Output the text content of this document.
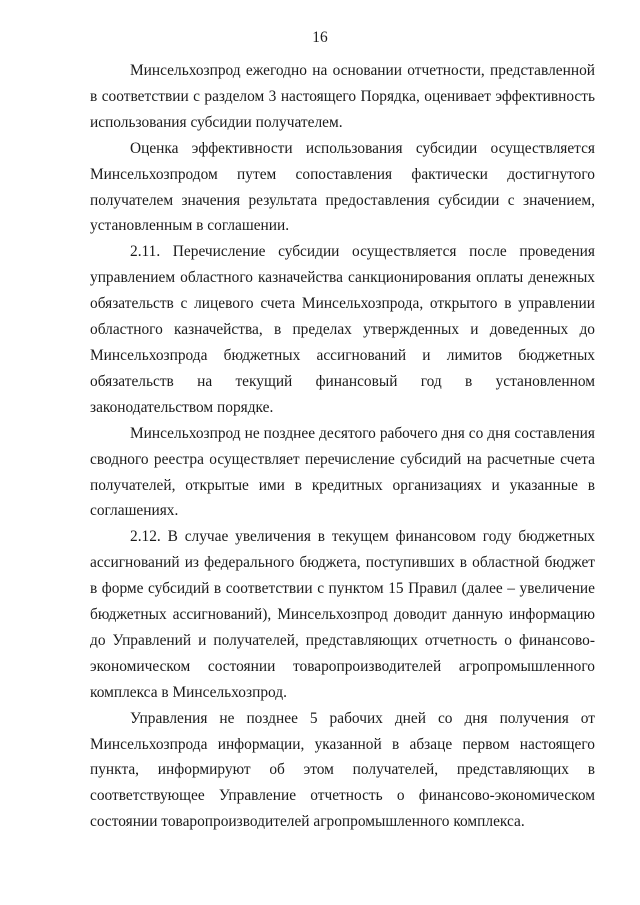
16

Минсельхозпрод ежегодно на основании отчетности, представленной в соответствии с разделом 3 настоящего Порядка, оценивает эффективность использования субсидии получателем.

Оценка эффективности использования субсидии осуществляется Минсельхозпродом путем сопоставления фактически достигнутого получателем значения результата предоставления субсидии с значением, установленным в соглашении.

2.11. Перечисление субсидии осуществляется после проведения управлением областного казначейства санкционирования оплаты денежных обязательств с лицевого счета Минсельхозпрода, открытого в управлении областного казначейства, в пределах утвержденных и доведенных до Минсельхозпрода бюджетных ассигнований и лимитов бюджетных обязательств на текущий финансовый год в установленном законодательством порядке.

Минсельхозпрод не позднее десятого рабочего дня со дня составления сводного реестра осуществляет перечисление субсидий на расчетные счета получателей, открытые ими в кредитных организациях и указанные в соглашениях.

2.12. В случае увеличения в текущем финансовом году бюджетных ассигнований из федерального бюджета, поступивших в областной бюджет в форме субсидий в соответствии с пунктом 15 Правил (далее – увеличение бюджетных ассигнований), Минсельхозпрод доводит данную информацию до Управлений и получателей, представляющих отчетность о финансово-экономическом состоянии товаропроизводителей агропромышленного комплекса в Минсельхозпрод.

Управления не позднее 5 рабочих дней со дня получения от Минсельхозпрода информации, указанной в абзаце первом настоящего пункта, информируют об этом получателей, представляющих в соответствующее Управление отчетность о финансово-экономическом состоянии товаропроизводителей агропромышленного комплекса.
